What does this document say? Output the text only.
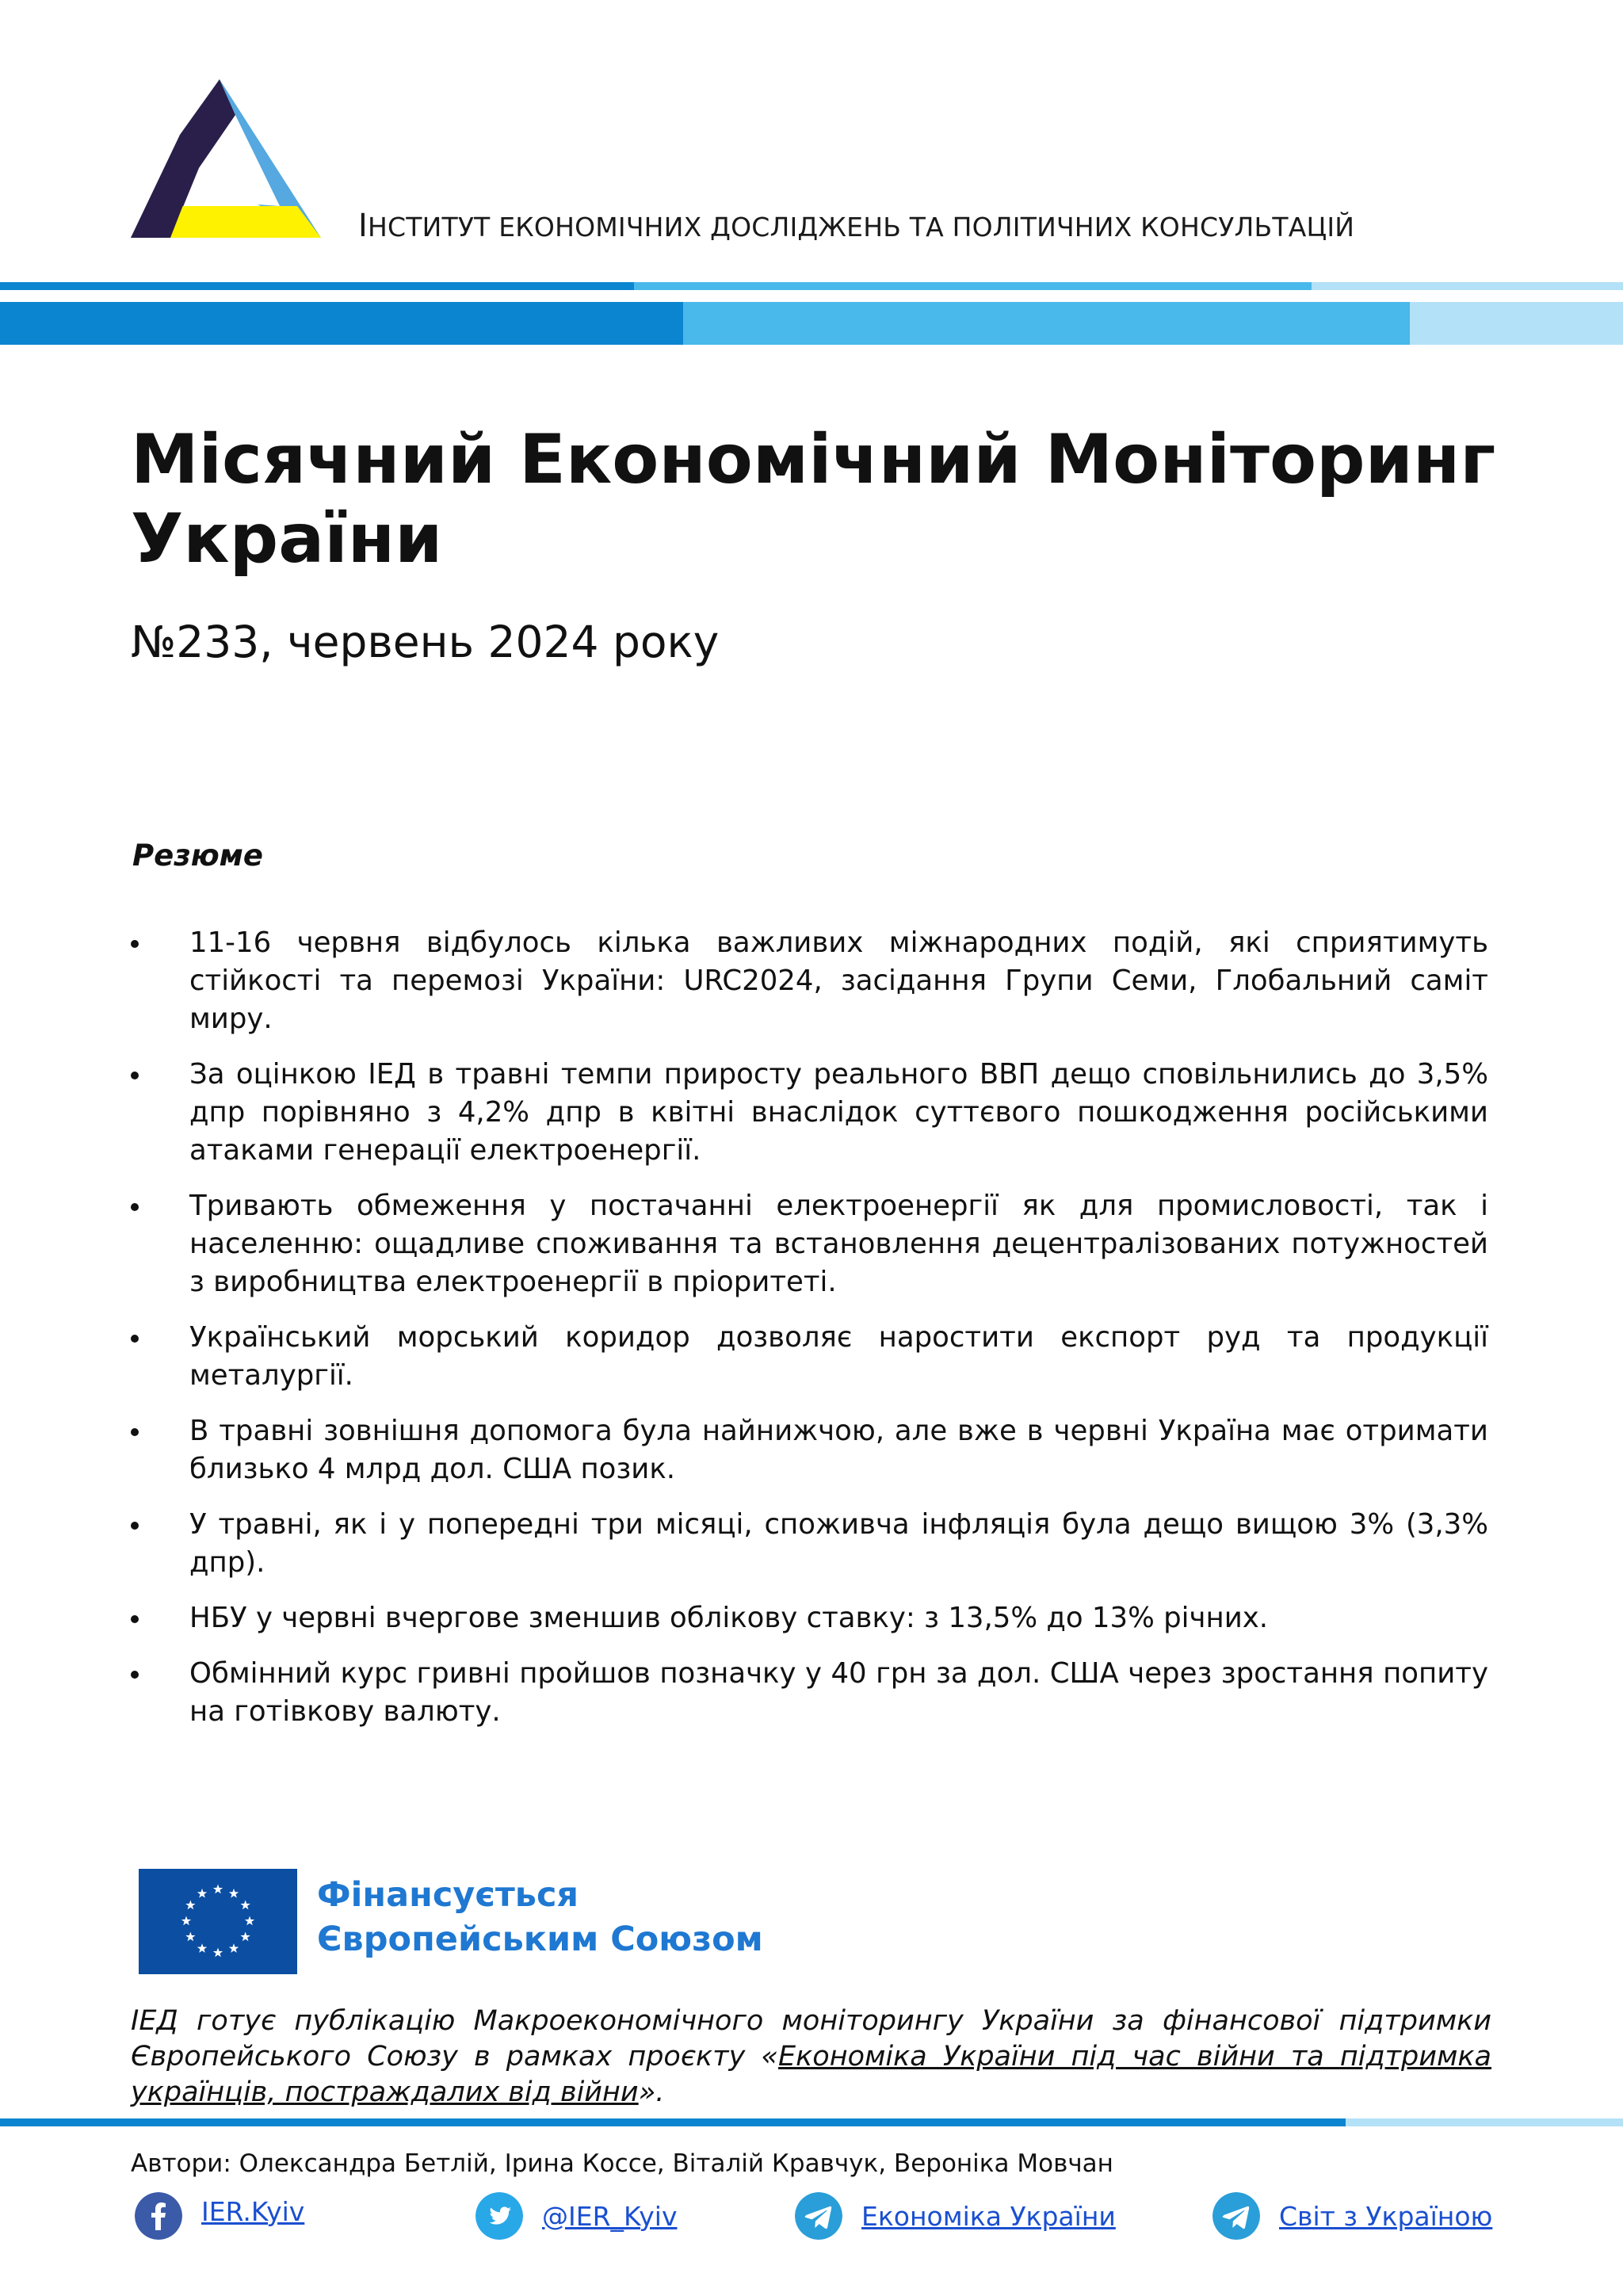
ІНСТИТУТ ЕКОНОМІЧНИХ ДОСЛІДЖЕНЬ ТА ПОЛІТИЧНИХ КОНСУЛЬТАЦІЙ
Місячний Економічний Моніторинг
України
№233, червень 2024 року
Резюме
11-16 червня відбулось кілька важливих міжнародних подій, які сприятимуть стійкості та перемозі України: URC2024, засідання Групи Семи, Глобальний саміт миру.
За оцінкою ІЕД в травні темпи приросту реального ВВП дещо сповільнились до 3,5% дпр порівняно з 4,2% дпр в квітні внаслідок суттєвого пошкодження російськими атаками генерації електроенергії.
Тривають обмеження у постачанні електроенергії як для промисловості, так і населенню: ощадливе споживання та встановлення децентралізованих потужностей з виробництва електроенергії в пріоритеті.
Український морський коридор дозволяє наростити експорт руд та продукції металургії.
В травні зовнішня допомога була найнижчою, але вже в червні Україна має отримати близько 4 млрд дол. США позик.
У травні, як і у попередні три місяці, споживча інфляція була дещо вищою 3% (3,3% дпр).
НБУ у червні вчергове зменшив облікову ставку: з 13,5% до 13% річних.
Обмінний курс гривні пройшов позначку у 40 грн за дол. США через зростання попиту на готівкову валюту.
Фінансується
Європейським Союзом
ІЕД готує публікацію Макроекономічного моніторингу України за фінансової підтримки Європейського Союзу в рамках проєкту «Економіка України під час війни та підтримка українців, постраждалих від війни».
Автори: Олександра Бетлій, Ірина Коссе, Віталій Кравчук, Вероніка Мовчан
IER.Kyiv	@IER_Kyiv	Економіка України	Світ з Україною
